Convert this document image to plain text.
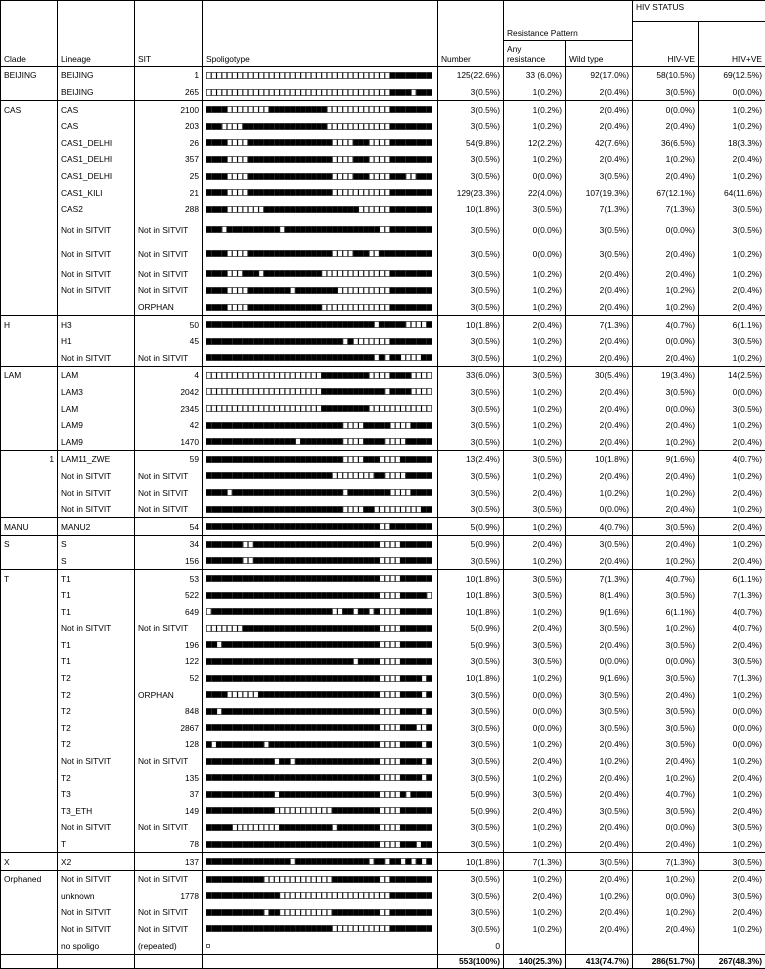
							HIV STATUS	
					Resistance Pattern			
Clade	Lineage	SIT	Spoligotype	Number	Any
resistance	Wild type	HIV-VE	HIV+VE
BEIJING	BEIJING	1		125(22.6%)	33 (6.0%)	92(17.0%)	58(10.5%)	69(12.5%)
	BEIJING	265		3(0.5%)	1(0.2%)	2(0.4%)	3(0.5%)	0(0.0%)
CAS	CAS	2100		3(0.5%)	1(0.2%)	2(0.4%)	0(0.0%)	1(0.2%)
	CAS	203		3(0.5%)	1(0.2%)	2(0.4%)	2(0.4%)	1(0.2%)
	CAS1_DELHI	26		54(9.8%)	12(2.2%)	42(7.6%)	36(6.5%)	18(3.3%)
	CAS1_DELHI	357		3(0.5%)	1(0.2%)	2(0.4%)	1(0.2%)	2(0.4%)
	CAS1_DELHI	25		3(0.5%)	0(0.0%)	3(0.5%)	2(0.4%)	1(0.2%)
	CAS1_KILI	21		129(23.3%)	22(4.0%)	107(19.3%)	67(12.1%)	64(11.6%)
	CAS2	288		10(1.8%)	3(0.5%)	7(1.3%)	7(1.3%)	3(0.5%)
	Not in SITVIT	Not in SITVIT		3(0.5%)	0(0.0%)	3(0.5%)	0(0.0%)	3(0.5%)
	Not in SITVIT	Not in SITVIT		3(0.5%)	0(0.0%)	3(0.5%)	2(0.4%)	1(0.2%)
	Not in SITVIT	Not in SITVIT		3(0.5%)	1(0.2%)	2(0.4%)	2(0.4%)	1(0.2%)
	Not in SITVIT	Not in SITVIT		3(0.5%)	1(0.2%)	2(0.4%)	1(0.2%)	2(0.4%)
		ORPHAN		3(0.5%)	1(0.2%)	2(0.4%)	1(0.2%)	2(0.4%)
H	H3	50		10(1.8%)	2(0.4%)	7(1.3%)	4(0.7%)	6(1.1%)
	H1	45		3(0.5%)	1(0.2%)	2(0.4%)	0(0.0%)	3(0.5%)
	Not in SITVIT	Not in SITVIT		3(0.5%)	1(0.2%)	2(0.4%)	2(0.4%)	1(0.2%)
LAM	LAM	4		33(6.0%)	3(0.5%)	30(5.4%)	19(3.4%)	14(2.5%)
	LAM3	2042		3(0.5%)	1(0.2%)	2(0.4%)	3(0.5%)	0(0.0%)
	LAM	2345		3(0.5%)	1(0.2%)	2(0.4%)	0(0.0%)	3(0.5%)
	LAM9	42		3(0.5%)	1(0.2%)	2(0.4%)	2(0.4%)	1(0.2%)
	LAM9	1470		3(0.5%)	1(0.2%)	2(0.4%)	1(0.2%)	2(0.4%)
1	LAM11_ZWE	59		13(2.4%)	3(0.5%)	10(1.8%)	9(1.6%)	4(0.7%)
	Not in SITVIT	Not in SITVIT		3(0.5%)	1(0.2%)	2(0.4%)	2(0.4%)	1(0.2%)
	Not in SITVIT	Not in SITVIT		3(0.5%)	2(0.4%)	1(0.2%)	1(0.2%)	2(0.4%)
	Not in SITVIT	Not in SITVIT		3(0.5%)	3(0.5%)	0(0.0%)	2(0.4%)	1(0.2%)
MANU	MANU2	54		5(0.9%)	1(0.2%)	4(0.7%)	3(0.5%)	2(0.4%)
S	S	34		5(0.9%)	2(0.4%)	3(0.5%)	2(0.4%)	1(0.2%)
	S	156		3(0.5%)	1(0.2%)	2(0.4%)	1(0.2%)	2(0.4%)
T	T1	53		10(1.8%)	3(0.5%)	7(1.3%)	4(0.7%)	6(1.1%)
	T1	522		10(1.8%)	3(0.5%)	8(1.4%)	3(0.5%)	7(1.3%)
	T1	649		10(1.8%)	1(0.2%)	9(1.6%)	6(1.1%)	4(0.7%)
	Not in SITVIT	Not in SITVIT		5(0.9%)	2(0.4%)	3(0.5%)	1(0.2%)	4(0.7%)
	T1	196		5(0.9%)	3(0.5%)	2(0.4%)	3(0.5%)	2(0.4%)
	T1	122		3(0.5%)	3(0.5%)	0(0.0%)	0(0.0%)	3(0.5%)
	T2	52		10(1.8%)	1(0.2%)	9(1.6%)	3(0.5%)	7(1.3%)
	T2	ORPHAN		3(0.5%)	0(0.0%)	3(0.5%)	2(0.4%)	1(0.2%)
	T2	848		3(0.5%)	0(0.0%)	3(0.5%)	3(0.5%)	0(0.0%)
	T2	2867		3(0.5%)	0(0.0%)	3(0.5%)	3(0.5%)	0(0.0%)
	T2	128		3(0.5%)	1(0.2%)	2(0.4%)	3(0.5%)	0(0.0%)
	Not in SITVIT	Not in SITVIT		3(0.5%)	2(0.4%)	1(0.2%)	2(0.4%)	1(0.2%)
	T2	135		3(0.5%)	1(0.2%)	2(0.4%)	1(0.2%)	2(0.4%)
	T3	37		5(0.9%)	3(0.5%)	2(0.4%)	4(0.7%)	1(0.2%)
	T3_ETH	149		5(0.9%)	2(0.4%)	3(0.5%)	3(0.5%)	2(0.4%)
	Not in SITVIT	Not in SITVIT		3(0.5%)	1(0.2%)	2(0.4%)	0(0.0%)	3(0.5%)
	T	78		3(0.5%)	1(0.2%)	2(0.4%)	2(0.4%)	1(0.2%)
X	X2	137		10(1.8%)	7(1.3%)	3(0.5%)	7(1.3%)	3(0.5%)
Orphaned	Not in SITVIT	Not in SITVIT		3(0.5%)	1(0.2%)	2(0.4%)	1(0.2%)	2(0.4%)
	unknown	1778		3(0.5%)	2(0.4%)	1(0.2%)	0(0.0%)	3(0.5%)
	Not in SITVIT	Not in SITVIT		3(0.5%)	1(0.2%)	2(0.4%)	1(0.2%)	2(0.4%)
	Not in SITVIT	Not in SITVIT		3(0.5%)	1(0.2%)	2(0.4%)	2(0.4%)	1(0.2%)
	no spoligo	(repeated)		0				
				553(100%)	140(25.3%)	413(74.7%)	286(51.7%)	267(48.3%)
